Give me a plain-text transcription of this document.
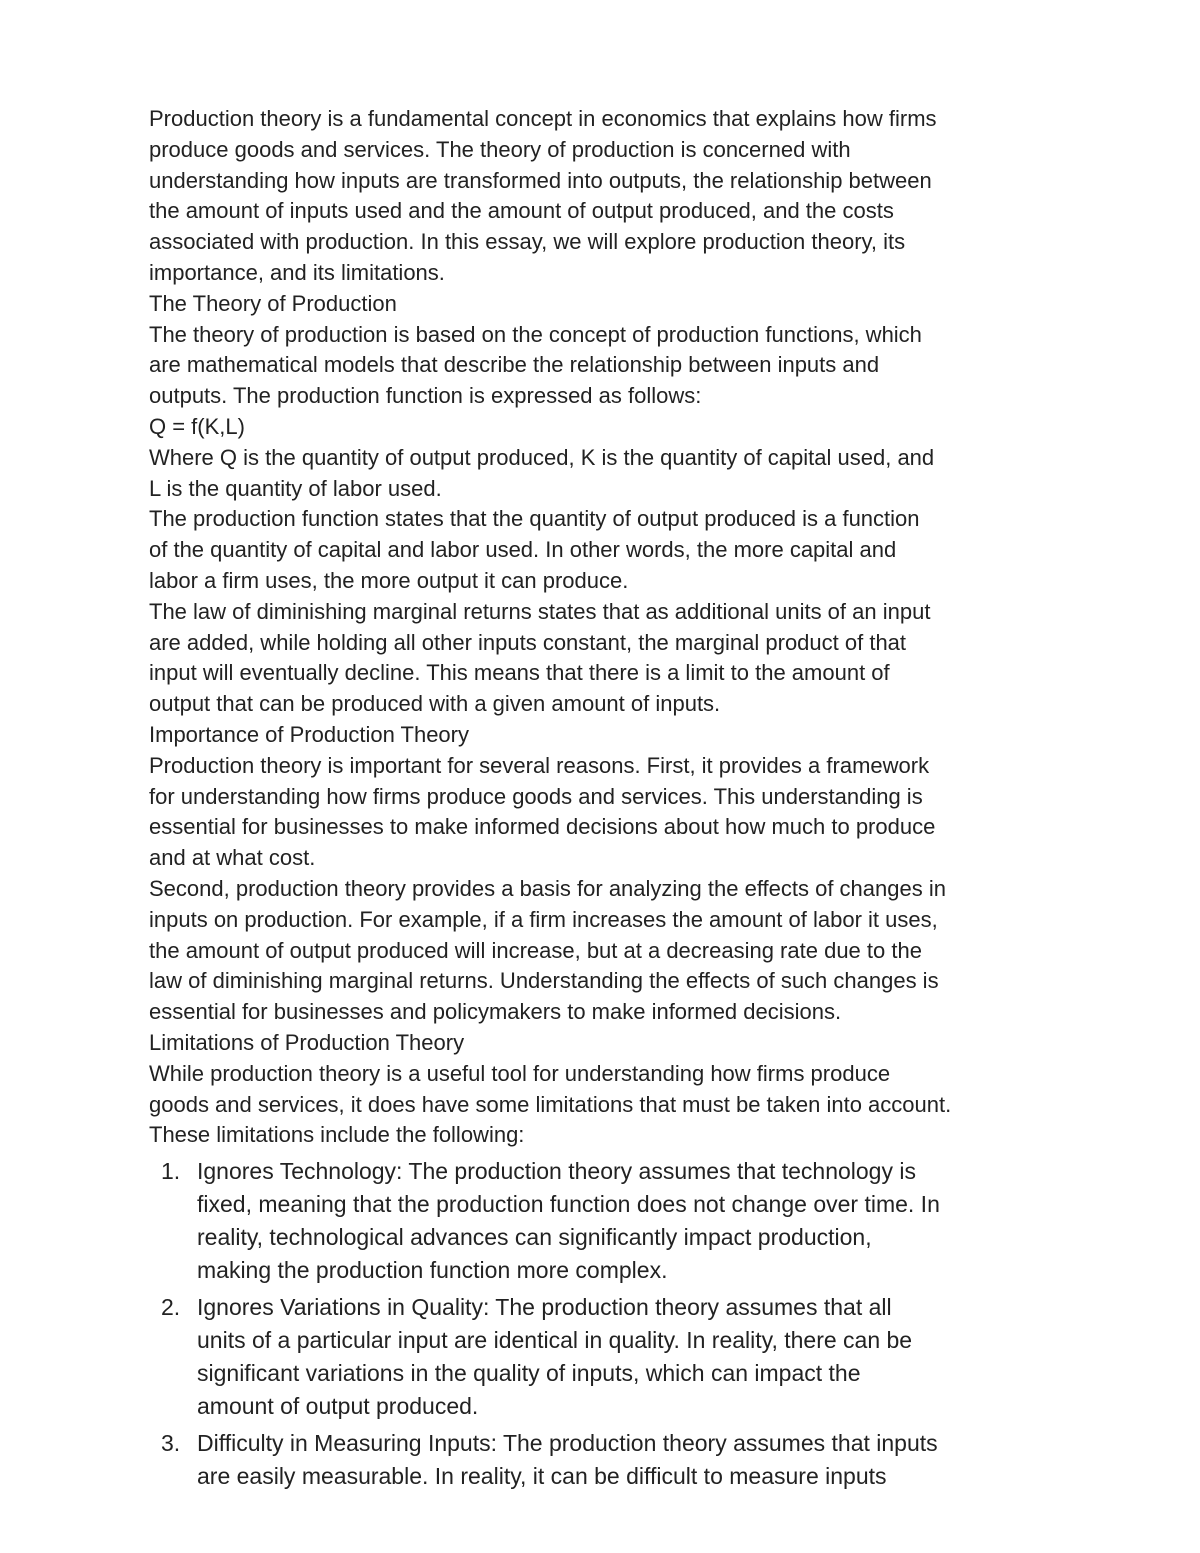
Production theory is a fundamental concept in economics that explains how firms

produce goods and services. The theory of production is concerned with

understanding how inputs are transformed into outputs, the relationship between

the amount of inputs used and the amount of output produced, and the costs

associated with production. In this essay, we will explore production theory, its

importance, and its limitations.

The Theory of Production

The theory of production is based on the concept of production functions, which

are mathematical models that describe the relationship between inputs and

outputs. The production function is expressed as follows:

Q = f(K,L)

Where Q is the quantity of output produced, K is the quantity of capital used, and

L is the quantity of labor used.

The production function states that the quantity of output produced is a function

of the quantity of capital and labor used. In other words, the more capital and

labor a firm uses, the more output it can produce.

The law of diminishing marginal returns states that as additional units of an input

are added, while holding all other inputs constant, the marginal product of that

input will eventually decline. This means that there is a limit to the amount of

output that can be produced with a given amount of inputs.

Importance of Production Theory

Production theory is important for several reasons. First, it provides a framework

for understanding how firms produce goods and services. This understanding is

essential for businesses to make informed decisions about how much to produce

and at what cost.

Second, production theory provides a basis for analyzing the effects of changes in

inputs on production. For example, if a firm increases the amount of labor it uses,

the amount of output produced will increase, but at a decreasing rate due to the

law of diminishing marginal returns. Understanding the effects of such changes is

essential for businesses and policymakers to make informed decisions.

Limitations of Production Theory

While production theory is a useful tool for understanding how firms produce

goods and services, it does have some limitations that must be taken into account.

These limitations include the following:

1. Ignores Technology: The production theory assumes that technology is

fixed, meaning that the production function does not change over time. In

reality, technological advances can significantly impact production,

making the production function more complex.

2. Ignores Variations in Quality: The production theory assumes that all

units of a particular input are identical in quality. In reality, there can be

significant variations in the quality of inputs, which can impact the

amount of output produced.

3. Difficulty in Measuring Inputs: The production theory assumes that inputs

are easily measurable. In reality, it can be difficult to measure inputs
